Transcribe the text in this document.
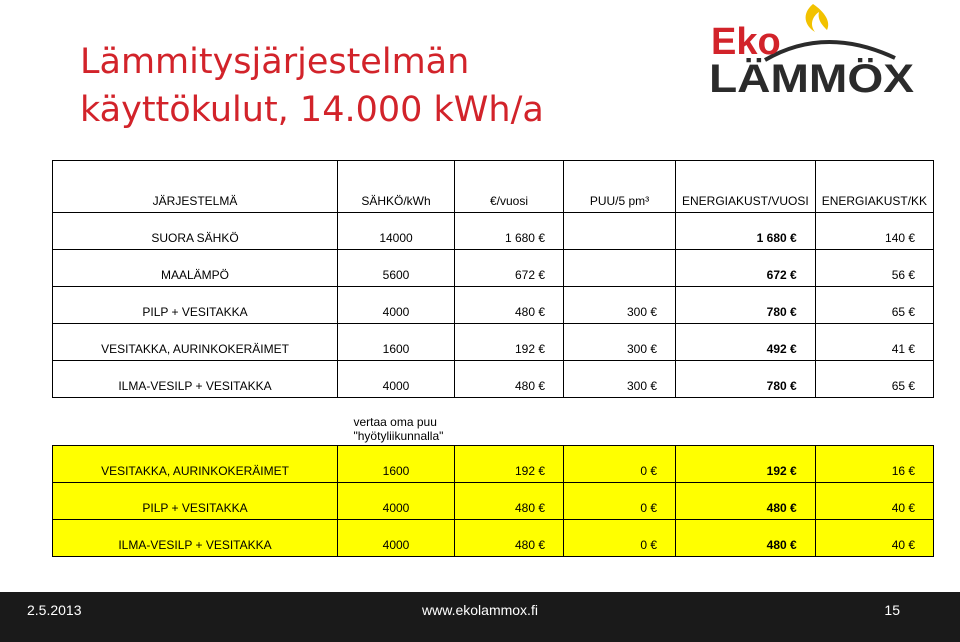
Lämmitysjärjestelmän
käyttökulut, 14.000 kWh/a
Eko
LÄMMÖX
JÄRJESTELMÄ	SÄHKÖ/kWh	€/vuosi	PUU/5 pm³	ENERGIAKUST/VUOSI	ENERGIAKUST/KK
SUORA SÄHKÖ	14000	1 680 €		1 680 €	140 €
MAALÄMPÖ	5600	672 €		672 €	56 €
PILP + VESITAKKA	4000	480 €	300 €	780 €	65 €
VESITAKKA, AURINKOKERÄIMET	1600	192 €	300 €	492 €	41 €
ILMA-VESILP + VESITAKKA	4000	480 €	300 €	780 €	65 €

	vertaa oma puu
"hyötyliikunnalla"				

VESITAKKA, AURINKOKERÄIMET	1600	192 €	0 €	192 €	16 €
PILP + VESITAKKA	4000	480 €	0 €	480 €	40 €
ILMA-VESILP + VESITAKKA	4000	480 €	0 €	480 €	40 €
2.5.2013	www.ekolammox.fi	15
